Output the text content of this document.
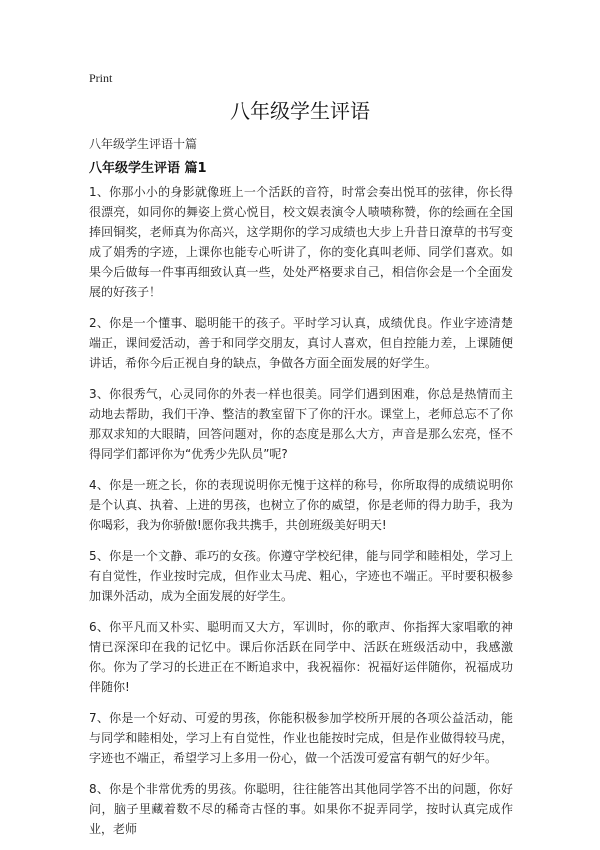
Print
八年级学生评语
八年级学生评语十篇
八年级学生评语 篇1

1、你那小小的身影就像班上一个活跃的音符，时常会奏出悦耳的弦律，你长得很漂亮，如同你的舞姿上赏心悦目，校文娱表演令人啧啧称赞，你的绘画在全国捧回铜奖，老师真为你高兴，这学期你的学习成绩也大步上升昔日潦草的书写变成了娟秀的字迹，上课你也能专心听讲了，你的变化真叫老师、同学们喜欢。如果今后做每一件事再细致认真一些，处处严格要求自己，相信你会是一个全面发展的好孩子！

2、你是一个懂事、聪明能干的孩子。平时学习认真，成绩优良。作业字迹清楚端正，课间爱活动，善于和同学交朋友，真讨人喜欢，但自控能力差，上课随便讲话，希你今后正视自身的缺点，争做各方面全面发展的好学生。

3、你很秀气，心灵同你的外表一样也很美。同学们遇到困难，你总是热情而主动地去帮助，我们干净、整洁的教室留下了你的汗水。课堂上，老师总忘不了你那双求知的大眼睛，回答问题对，你的态度是那么大方，声音是那么宏亮，怪不得同学们都评你为“优秀少先队员”呢?

4、你是一班之长，你的表现说明你无愧于这样的称号，你所取得的成绩说明你是个认真、执着、上进的男孩，也树立了你的威望，你是老师的得力助手，我为你喝彩，我为你骄傲!愿你我共携手，共创班级美好明天!

5、你是一个文静、乖巧的女孩。你遵守学校纪律，能与同学和睦相处，学习上有自觉性，作业按时完成，但作业太马虎、粗心，字迹也不端正。平时要积极参加课外活动，成为全面发展的好学生。

6、你平凡而又朴实、聪明而又大方，军训时，你的歌声、你指挥大家唱歌的神情已深深印在我的记忆中。课后你活跃在同学中、活跃在班级活动中，我感激你。你为了学习的长进正在不断追求中，我祝福你：祝福好运伴随你，祝福成功伴随你!

7、你是一个好动、可爱的男孩，你能积极参加学校所开展的各项公益活动，能与同学和睦相处，学习上有自觉性，作业也能按时完成，但是作业做得较马虎，字迹也不端正，希望学习上多用一份心，做一个活泼可爱富有朝气的好少年。

8、你是个非常优秀的男孩。你聪明，往往能答出其他同学答不出的问题，你好问，脑子里藏着数不尽的稀奇古怪的事。如果你不捉弄同学，按时认真完成作业，老师
